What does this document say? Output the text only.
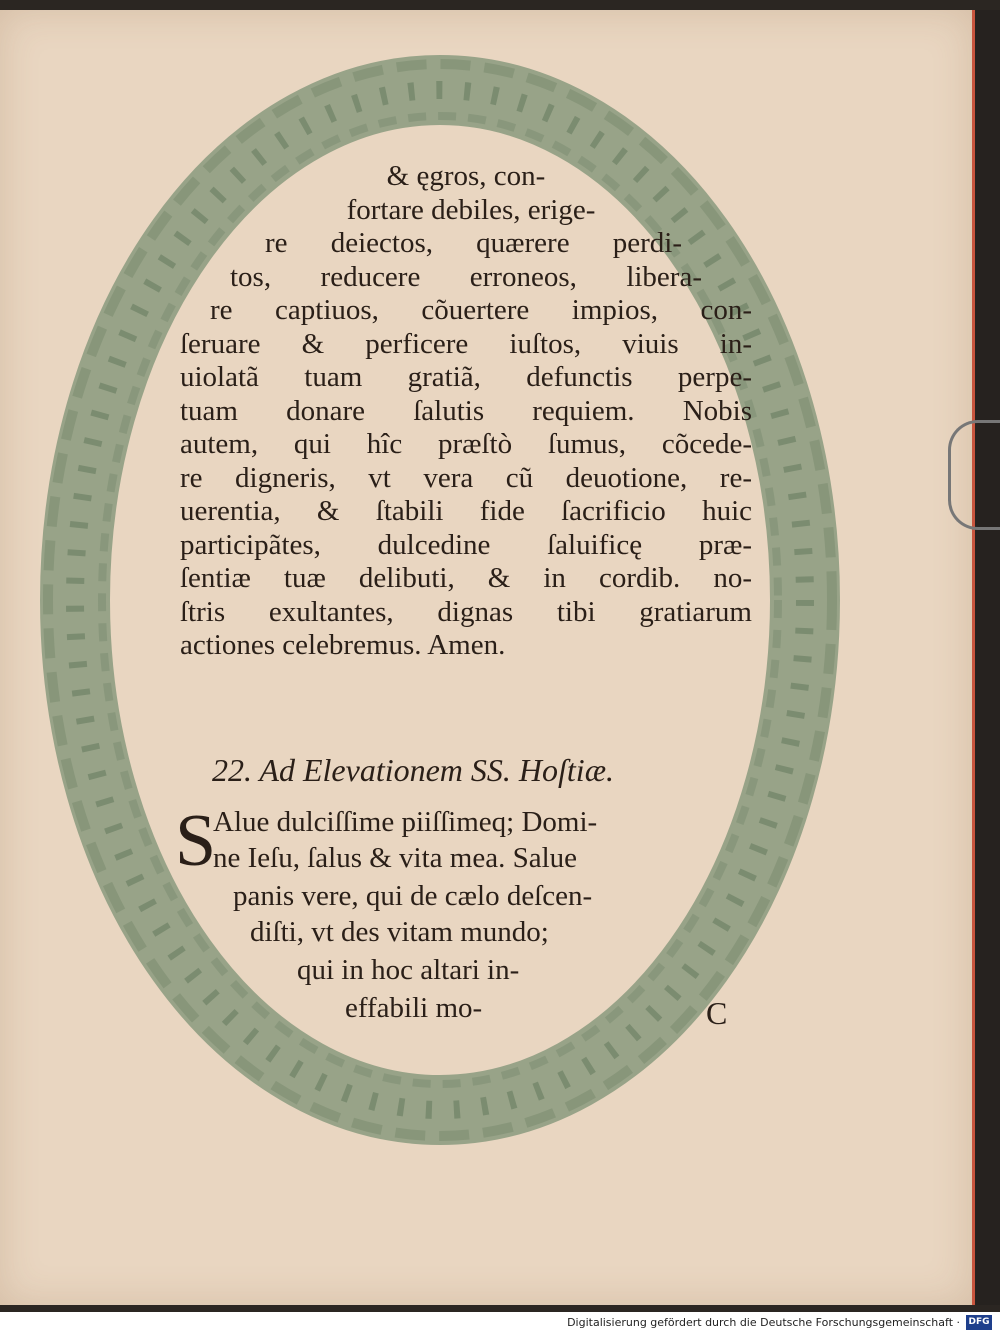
& ęgros, con-
fortare debiles, erige-
re deiectos, quærere perdi-
tos, reducere erroneos, libera-
re captiuos, cõuertere impios, con-
ſeruare & perficere iuſtos, viuis in-
uiolatã tuam gratiã, defunctis perpe-
tuam donare ſalutis requiem. Nobis
autem, qui hîc præſtò ſumus, cõcede-
re digneris, vt vera cũ deuotione, re-
uerentia, & ſtabili fide ſacrificio huic
participãtes, dulcedine ſaluificę præ-
ſentiæ tuæ delibuti, & in cordib. no-
ſtris exultantes, dignas tibi gratiarum
actiones celebremus. Amen.
22. Ad Elevationem SS. Hoſtiæ.
S
Alue dulciſſime piiſſimeq; Domi-
ne Ieſu, ſalus & vita mea. Salue
panis vere, qui de cælo deſcen-
diſti, vt des vitam mundo;
qui in hoc altari in-
effabili mo-	C
Digitalisierung gefördert durch die Deutsche Forschungsgemeinschaft · DFG
